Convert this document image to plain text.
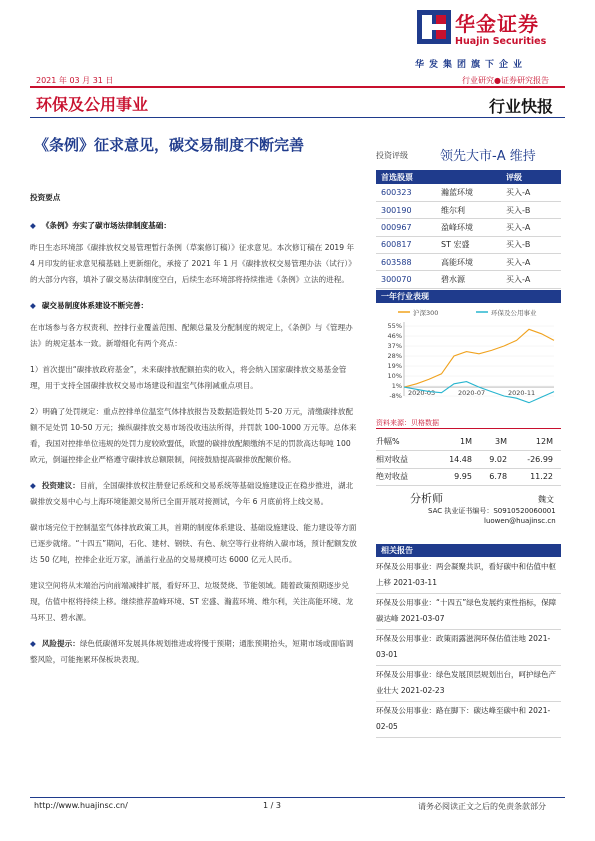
华金证券
Huajin Securities
华发集团旗下企业
2021 年 03 月 31 日	行业研究●证券研究报告
环保及公用事业	行业快报
《条例》征求意见，碳交易制度不断完善
投资评级 领先大市-A 维持
首选股票		评级
600323	瀚蓝环境	买入-A
300190	维尔利	买入-B
000967	盈峰环境	买入-A
600817	ST 宏盛	买入-B
603588	高能环境	买入-A
300070	碧水源	买入-A
一年行业表现
沪深300	环保及公用事业
55%
46%
37%
28%
19%
10%
1%
-8% 2020-03	2020-07	2020-11
资料来源：贝格数据
升幅%	1M	3M	12M
相对收益	14.48	9.02	-26.99
绝对收益	9.95	6.78	11.22
分析师	魏文
SAC 执业证书编号：S0910520060001
luowen@huajinsc.cn
相关报告
环保及公用事业：两会凝聚共识，看好碳中和估值中枢上移 2021-03-11
环保及公用事业：“十四五”绿色发展约束性指标，保障碳达峰 2021-03-07
环保及公用事业：政策雨露滋润环保估值洼地 2021-03-01
环保及公用事业：绿色发展顶层规划出台，呵护绿色产业壮大 2021-02-23
环保及公用事业：路在脚下：碳达峰至碳中和 2021-02-05
投资要点
◆ 《条例》夯实了碳市场法律制度基础：

昨日生态环境部《碳排放权交易管理暂行条例（草案修订稿）》征求意见。本次修订稿在 2019 年 4 月印发的征求意见稿基础上更新细化，承接了 2021 年 1 月《碳排放权交易管理办法（试行）》的大部分内容，填补了碳交易法律制度空白，后续生态环境部将持续推进《条例》立法的进程。

◆ 碳交易制度体系建设不断完善：

在市场参与各方权责利、控排行业覆盖范围、配额总量及分配制度的规定上，《条例》与《管理办法》的规定基本一致。新增细化有两个亮点：

1）首次提出“碳排放政府基金”，未来碳排放配额拍卖的收入，将会纳入国家碳排放交易基金管理，用于支持全国碳排放权交易市场建设和温室气体削减重点项目。

2）明确了处罚规定：重点控排单位温室气体排放报告及数据造假处罚 5-20 万元，清缴碳排放配额不足处罚 10-50 万元；操纵碳排放交易市场没收违法所得，并罚款 100-1000 万元等。总体来看，我国对控排单位违规的处罚力度较欧盟低，欧盟的碳排放配额缴纳不足的罚款高达每吨 100 欧元，倒逼控排企业严格遵守碳排放总额限制，间接鼓励提高碳排放配额价格。

◆ 投资建议：目前，全国碳排放权注册登记系统和交易系统等基础设施建设正在稳步推进，湖北碳排放交易中心与上海环境能源交易所已全面开展对接测试，今年 6 月底前将上线交易。

碳市场完位于控制温室气体排放政策工具，首期的制度体系建设、基础设施建设、能力建设等方面已逐步就绪。“十四五”期间，石化、建材、钢铁、有色、航空等行业将纳入碳市场，预计配额发放达 50 亿吨，控排企业近万家，涵盖行业品的交易规模可达 6000 亿元人民币。

建议空间将从末端治污向前端减排扩展，看好环卫、垃圾焚烧、节能领域。随着政策预期逐步兑现，估值中枢将持续上移。继续推荐盈峰环境、ST 宏盛、瀚蓝环境、维尔利，关注高能环境、龙马环卫、碧水源。

◆ 风险提示：绿色低碳循环发展具体规划推进或将慢于预期；通胀预期抬头，短期市场或面临调整风险，可能拖累环保板块表现。

http://www.huajinsc.cn/	1 / 3	请务必阅读正文之后的免责条款部分
